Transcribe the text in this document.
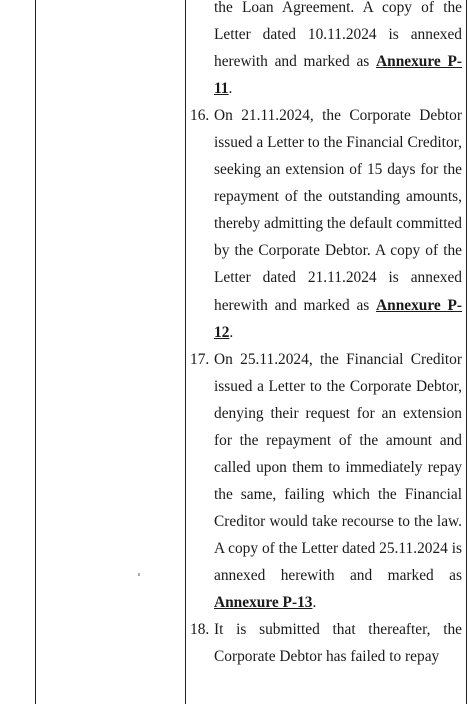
the Loan Agreement. A copy of the Letter dated 10.11.2024 is annexed herewith and marked as Annexure P-11.
16. On 21.11.2024, the Corporate Debtor issued a Letter to the Financial Creditor, seeking an extension of 15 days for the repayment of the outstanding amounts, thereby admitting the default committed by the Corporate Debtor. A copy of the Letter dated 21.11.2024 is annexed herewith and marked as Annexure P-12.
17. On 25.11.2024, the Financial Creditor issued a Letter to the Corporate Debtor, denying their request for an extension for the repayment of the amount and called upon them to immediately repay the same, failing which the Financial Creditor would take recourse to the law. A copy of the Letter dated 25.11.2024 is annexed herewith and marked as Annexure P-13.
18. It is submitted that thereafter, the Corporate Debtor has failed to repay
